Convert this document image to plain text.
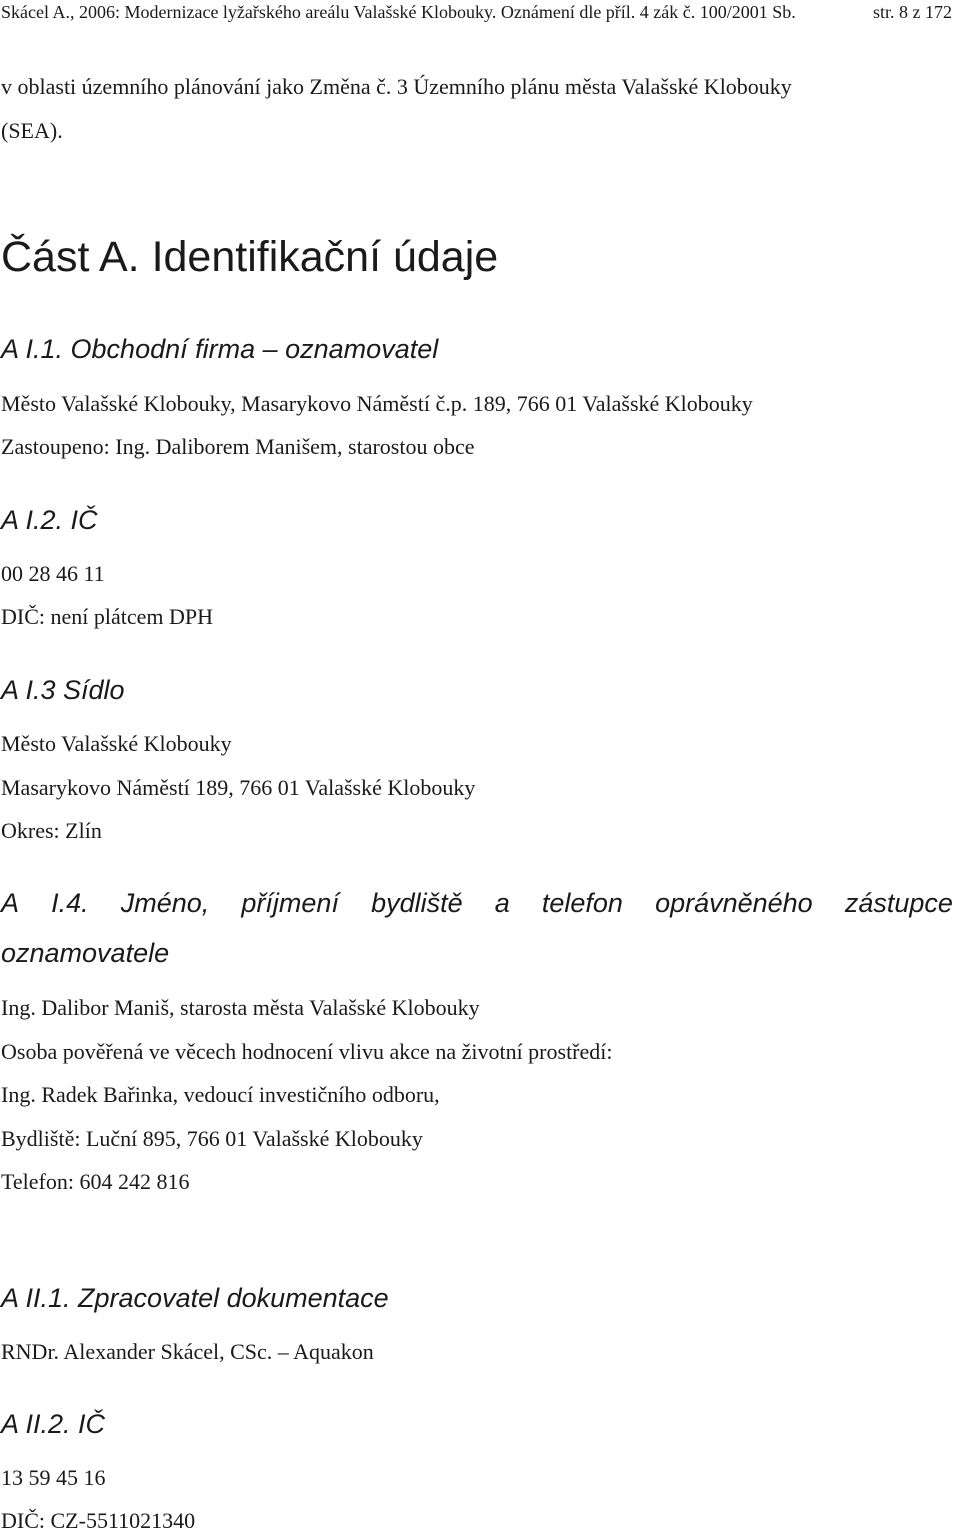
Skácel A., 2006: Modernizace lyžařského areálu Valašské Klobouky. Oznámení dle příl. 4 zák č. 100/2001 Sb.	str. 8 z 172

v oblasti územního plánování jako Změna č. 3 Územního plánu města Valašské Klobouky

(SEA).

Část A. Identifikační údaje
A I.1. Obchodní firma – oznamovatel

Město Valašské Klobouky, Masarykovo Náměstí č.p. 189, 766 01 Valašské Klobouky

Zastoupeno: Ing. Daliborem Manišem, starostou obce

A I.2. IČ

00 28 46 11

DIČ: není plátcem DPH

A I.3 Sídlo

Město Valašské Klobouky

Masarykovo Náměstí 189, 766 01 Valašské Klobouky

Okres: Zlín

A I.4. Jméno, příjmení bydliště a telefon oprávněného zástupce
oznamovatele

Ing. Dalibor Maniš, starosta města Valašské Klobouky

Osoba pověřená ve věcech hodnocení vlivu akce na životní prostředí:

Ing. Radek Bařinka, vedoucí investičního odboru,

Bydliště: Luční 895, 766 01 Valašské Klobouky

Telefon: 604 242 816

A II.1. Zpracovatel dokumentace

RNDr. Alexander Skácel, CSc. – Aquakon

A II.2. IČ

13 59 45 16

DIČ: CZ-5511021340
